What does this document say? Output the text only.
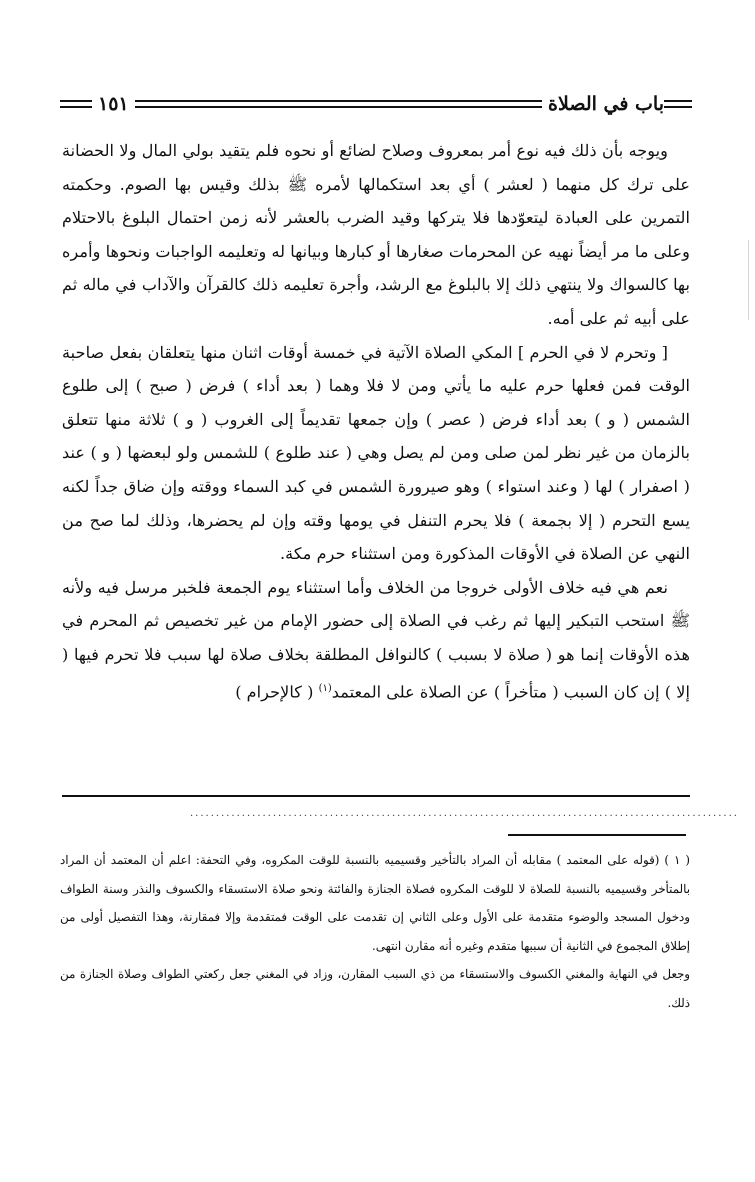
باب في الصلاة
١٥١

ويوجه بأن ذلك فيه نوع أمر بمعروف وصلاح لضائع أو نحوه فلم يتقيد بولي المال ولا الحضانة على ترك كل منهما ( لعشر ) أي بعد استكمالها لأمره ﷺ بذلك وقيس بها الصوم. وحكمته التمرين على العبادة ليتعوّدها فلا يتركها وقيد الضرب بالعشر لأنه زمن احتمال البلوغ بالاحتلام وعلى ما مر أيضاً نهيه عن المحرمات صغارها أو كبارها وبيانها له وتعليمه الواجبات ونحوها وأمره بها كالسواك ولا ينتهي ذلك إلا بالبلوغ مع الرشد، وأجرة تعليمه ذلك كالقرآن والآداب في ماله ثم على أبيه ثم على أمه.

[ وتحرم لا في الحرم ] المكي الصلاة الآتية في خمسة أوقات اثنان منها يتعلقان بفعل صاحبة الوقت فمن فعلها حرم عليه ما يأتي ومن لا فلا وهما ( بعد أداء ) فرض ( صبح ) إلى طلوع الشمس ( و ) بعد أداء فرض ( عصر ) وإن جمعها تقديماً إلى الغروب ( و ) ثلاثة منها تتعلق بالزمان من غير نظر لمن صلى ومن لم يصل وهي ( عند طلوع ) للشمس ولو لبعضها ( و ) عند ( اصفرار ) لها ( وعند استواء ) وهو صيرورة الشمس في كبد السماء ووقته وإن ضاق جداً لكنه يسع التحرم ( إلا بجمعة ) فلا يحرم التنفل في يومها وقته وإن لم يحضرها، وذلك لما صح من النهي عن الصلاة في الأوقات المذكورة ومن استثناء حرم مكة.

نعم هي فيه خلاف الأولى خروجا من الخلاف وأما استثناء يوم الجمعة فلخبر مرسل فيه ولأنه ﷺ استحب التبكير إليها ثم رغب في الصلاة إلى حضور الإمام من غير تخصيص ثم المحرم في هذه الأوقات إنما هو ( صلاة لا بسبب ) كالنوافل المطلقة بخلاف صلاة لها سبب فلا تحرم فيها ( إلا ) إن كان السبب ( متأخراً ) عن الصلاة على المعتمد$^{(١)}$ ( كالإحرام )

..........................................................................................................

( ١ ) (قوله على المعتمد ) مقابله أن المراد بالتأخير وقسيميه بالنسبة للوقت المكروه، وفي التحفة: اعلم أن المعتمد أن المراد بالمتأخر وقسيميه بالنسبة للصلاة لا للوقت المكروه فصلاة الجنازة والفائتة ونحو صلاة الاستسقاء والكسوف والنذر وسنة الطواف ودخول المسجد والوضوء متقدمة على الأول وعلى الثاني إن تقدمت على الوقت فمتقدمة وإلا فمقارنة، وهذا التفصيل أولى من إطلاق المجموع في الثانية أن سببها متقدم وغيره أنه مقارن انتهى.

وجعل في النهاية والمغني الكسوف والاستسقاء من ذي السبب المقارن، وزاد في المغني جعل ركعتي الطواف وصلاة الجنازة من ذلك.
